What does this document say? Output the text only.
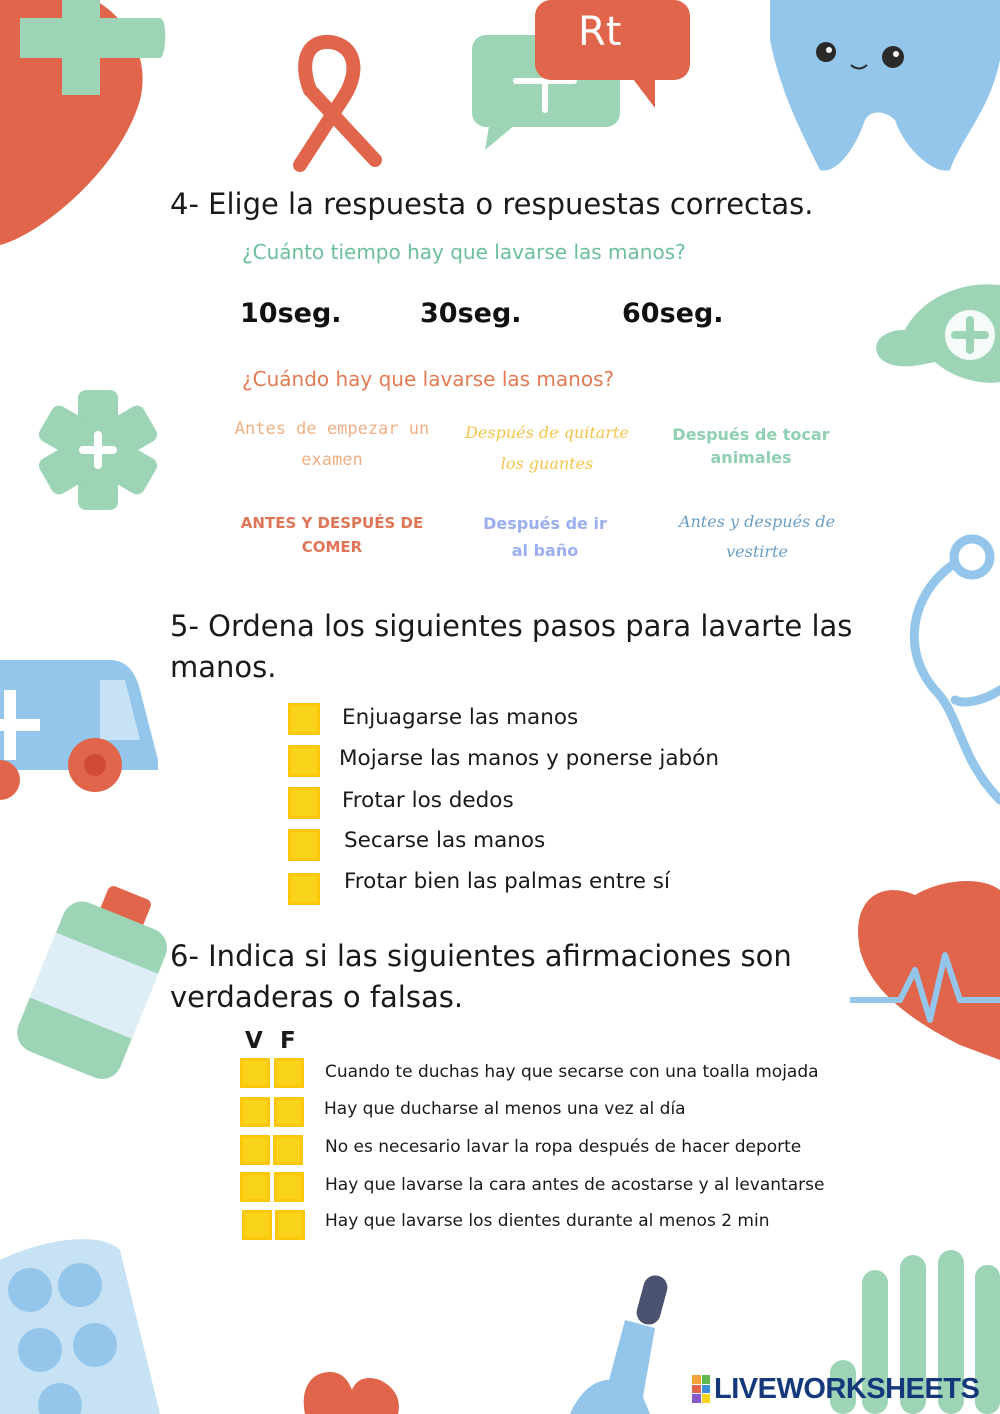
Rt
4- Elige la respuesta o respuestas correctas.
¿Cuánto tiempo hay que lavarse las manos?
10seg.	30seg.	60seg.
¿Cuándo hay que lavarse las manos?
Antes de empezar un
examen
Después de quitarte
los guantes
Después de tocar
animales
ANTES Y DESPUÉS DE
COMER
Después de ir
al baño
Antes y después de
vestirte
5- Ordena los siguientes pasos para lavarte las
manos.
Enjuagarse las manos
Mojarse las manos y ponerse jabón
Frotar los dedos
Secarse las manos
Frotar bien las palmas entre sí
6- Indica si las siguientes afirmaciones son
verdaderas o falsas.
V F
Cuando te duchas hay que secarse con una toalla mojada
Hay que ducharse al menos una vez al día
No es necesario lavar la ropa después de hacer deporte
Hay que lavarse la cara antes de acostarse y al levantarse
Hay que lavarse los dientes durante al menos 2 min
LIVEWORKSHEETS
